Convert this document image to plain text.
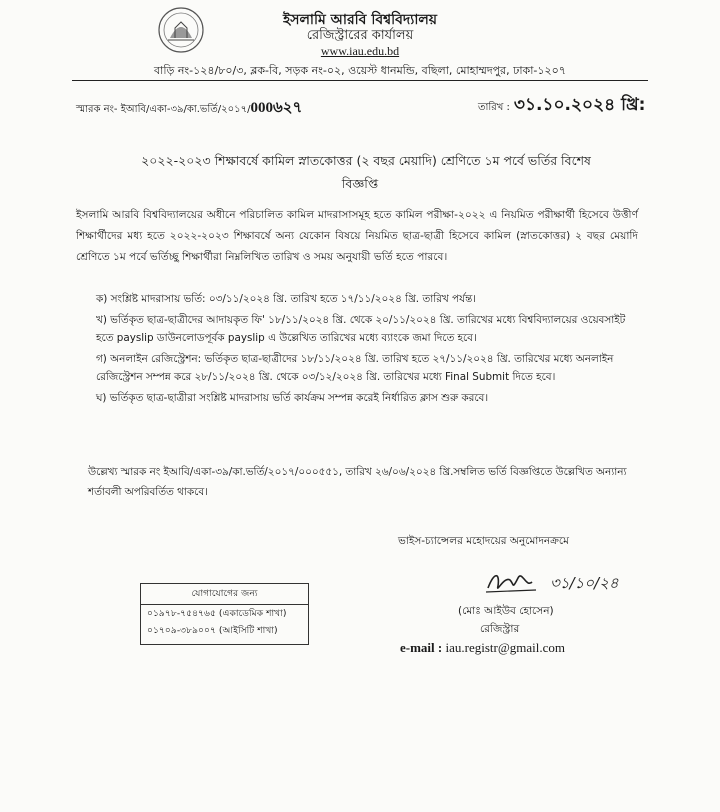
ইসলামি আরবি বিশ্ববিদ্যালয়
রেজিস্ট্রারের কার্যালয়
www.iau.edu.bd
বাড়ি নং-১২৪/৮০/৩, ব্লক-বি, সড়ক নং-০২, ওয়েস্ট ধানমন্ডি, বছিলা, মোহাম্মদপুর, ঢাকা-১২০৭
স্মারক নং- ইআবি/একা-৩৯/কা.ভর্তি/২০১৭/000৬২৭	তারিখ : ৩১.১০.২০২৪ খ্রি:
২০২২-২০২৩ শিক্ষাবর্ষে কামিল স্নাতকোত্তর (২ বছর মেয়াদি) শ্রেণিতে ১ম পর্বে ভর্তির বিশেষ
বিজ্ঞপ্তি
ইসলামি আরবি বিশ্ববিদ্যালয়ের অধীনে পরিচালিত কামিল মাদরাসাসমূহ হতে কামিল পরীক্ষা-২০২২ এ নিয়মিত পরীক্ষার্থী হিসেবে উত্তীর্ণ শিক্ষার্থীদের মধ্য হতে ২০২২-২০২৩ শিক্ষাবর্ষে অন্য যেকোন বিষয়ে নিয়মিত ছাত্র-ছাত্রী হিসেবে কামিল (স্নাতকোত্তর) ২ বছর মেয়াদি শ্রেণিতে ১ম পর্বে ভর্তিচ্ছু শিক্ষার্থীরা নিম্নলিখিত তারিখ ও সময় অনুযায়ী ভর্তি হতে পারবে।
ক) সংশ্লিষ্ট মাদরাসায় ভর্তি: ০৩/১১/২০২৪ খ্রি. তারিখ হতে ১৭/১১/২০২৪ খ্রি. তারিখ পর্যন্ত।
খ) ভর্তিকৃত ছাত্র-ছাত্রীদের আদায়কৃত ফি' ১৮/১১/২০২৪ খ্রি. থেকে ২০/১১/২০২৪ খ্রি. তারিখের মধ্যে বিশ্ববিদ্যালয়ের ওয়েবসাইট হতে payslip ডাউনলোডপূর্বক payslip এ উল্লেখিত তারিখের মধ্যে ব্যাংকে জমা দিতে হবে।
গ) অনলাইন রেজিস্ট্রেশন: ভর্তিকৃত ছাত্র-ছাত্রীদের ১৮/১১/২০২৪ খ্রি. তারিখ হতে ২৭/১১/২০২৪ খ্রি. তারিখের মধ্যে অনলাইন রেজিস্ট্রেশন সম্পন্ন করে ২৮/১১/২০২৪ খ্রি. থেকে ০৩/১২/২০২৪ খ্রি. তারিখের মধ্যে Final Submit দিতে হবে।
ঘ) ভর্তিকৃত ছাত্র-ছাত্রীরা সংশ্লিষ্ট মাদরাসায় ভর্তি কার্যক্রম সম্পন্ন করেই নির্ধারিত ক্লাস শুরু করবে।
উল্লেখ্য স্মারক নং ইআবি/একা-৩৯/কা.ভর্তি/২০১৭/০০০৫৫১, তারিখ ২৬/০৬/২০২৪ খ্রি.সম্বলিত ভর্তি বিজ্ঞপ্তিতে উল্লেখিত অন্যান্য শর্তাবলী অপরিবর্তিত থাকবে।
ভাইস-চ্যান্সেলর মহোদয়ের অনুমোদনক্রমে
যোগাযোগের জন্য
০১৯৭৮-৭৫৪৭৬৫ (একাডেমিক শাখা)
০১৭০৯-৩৮৯০০৭ (আইসিটি শাখা)
৩১/১০/২৪
(মোঃ আইউব হোসেন)
রেজিস্ট্রার
e-mail : iau.registr@gmail.com
